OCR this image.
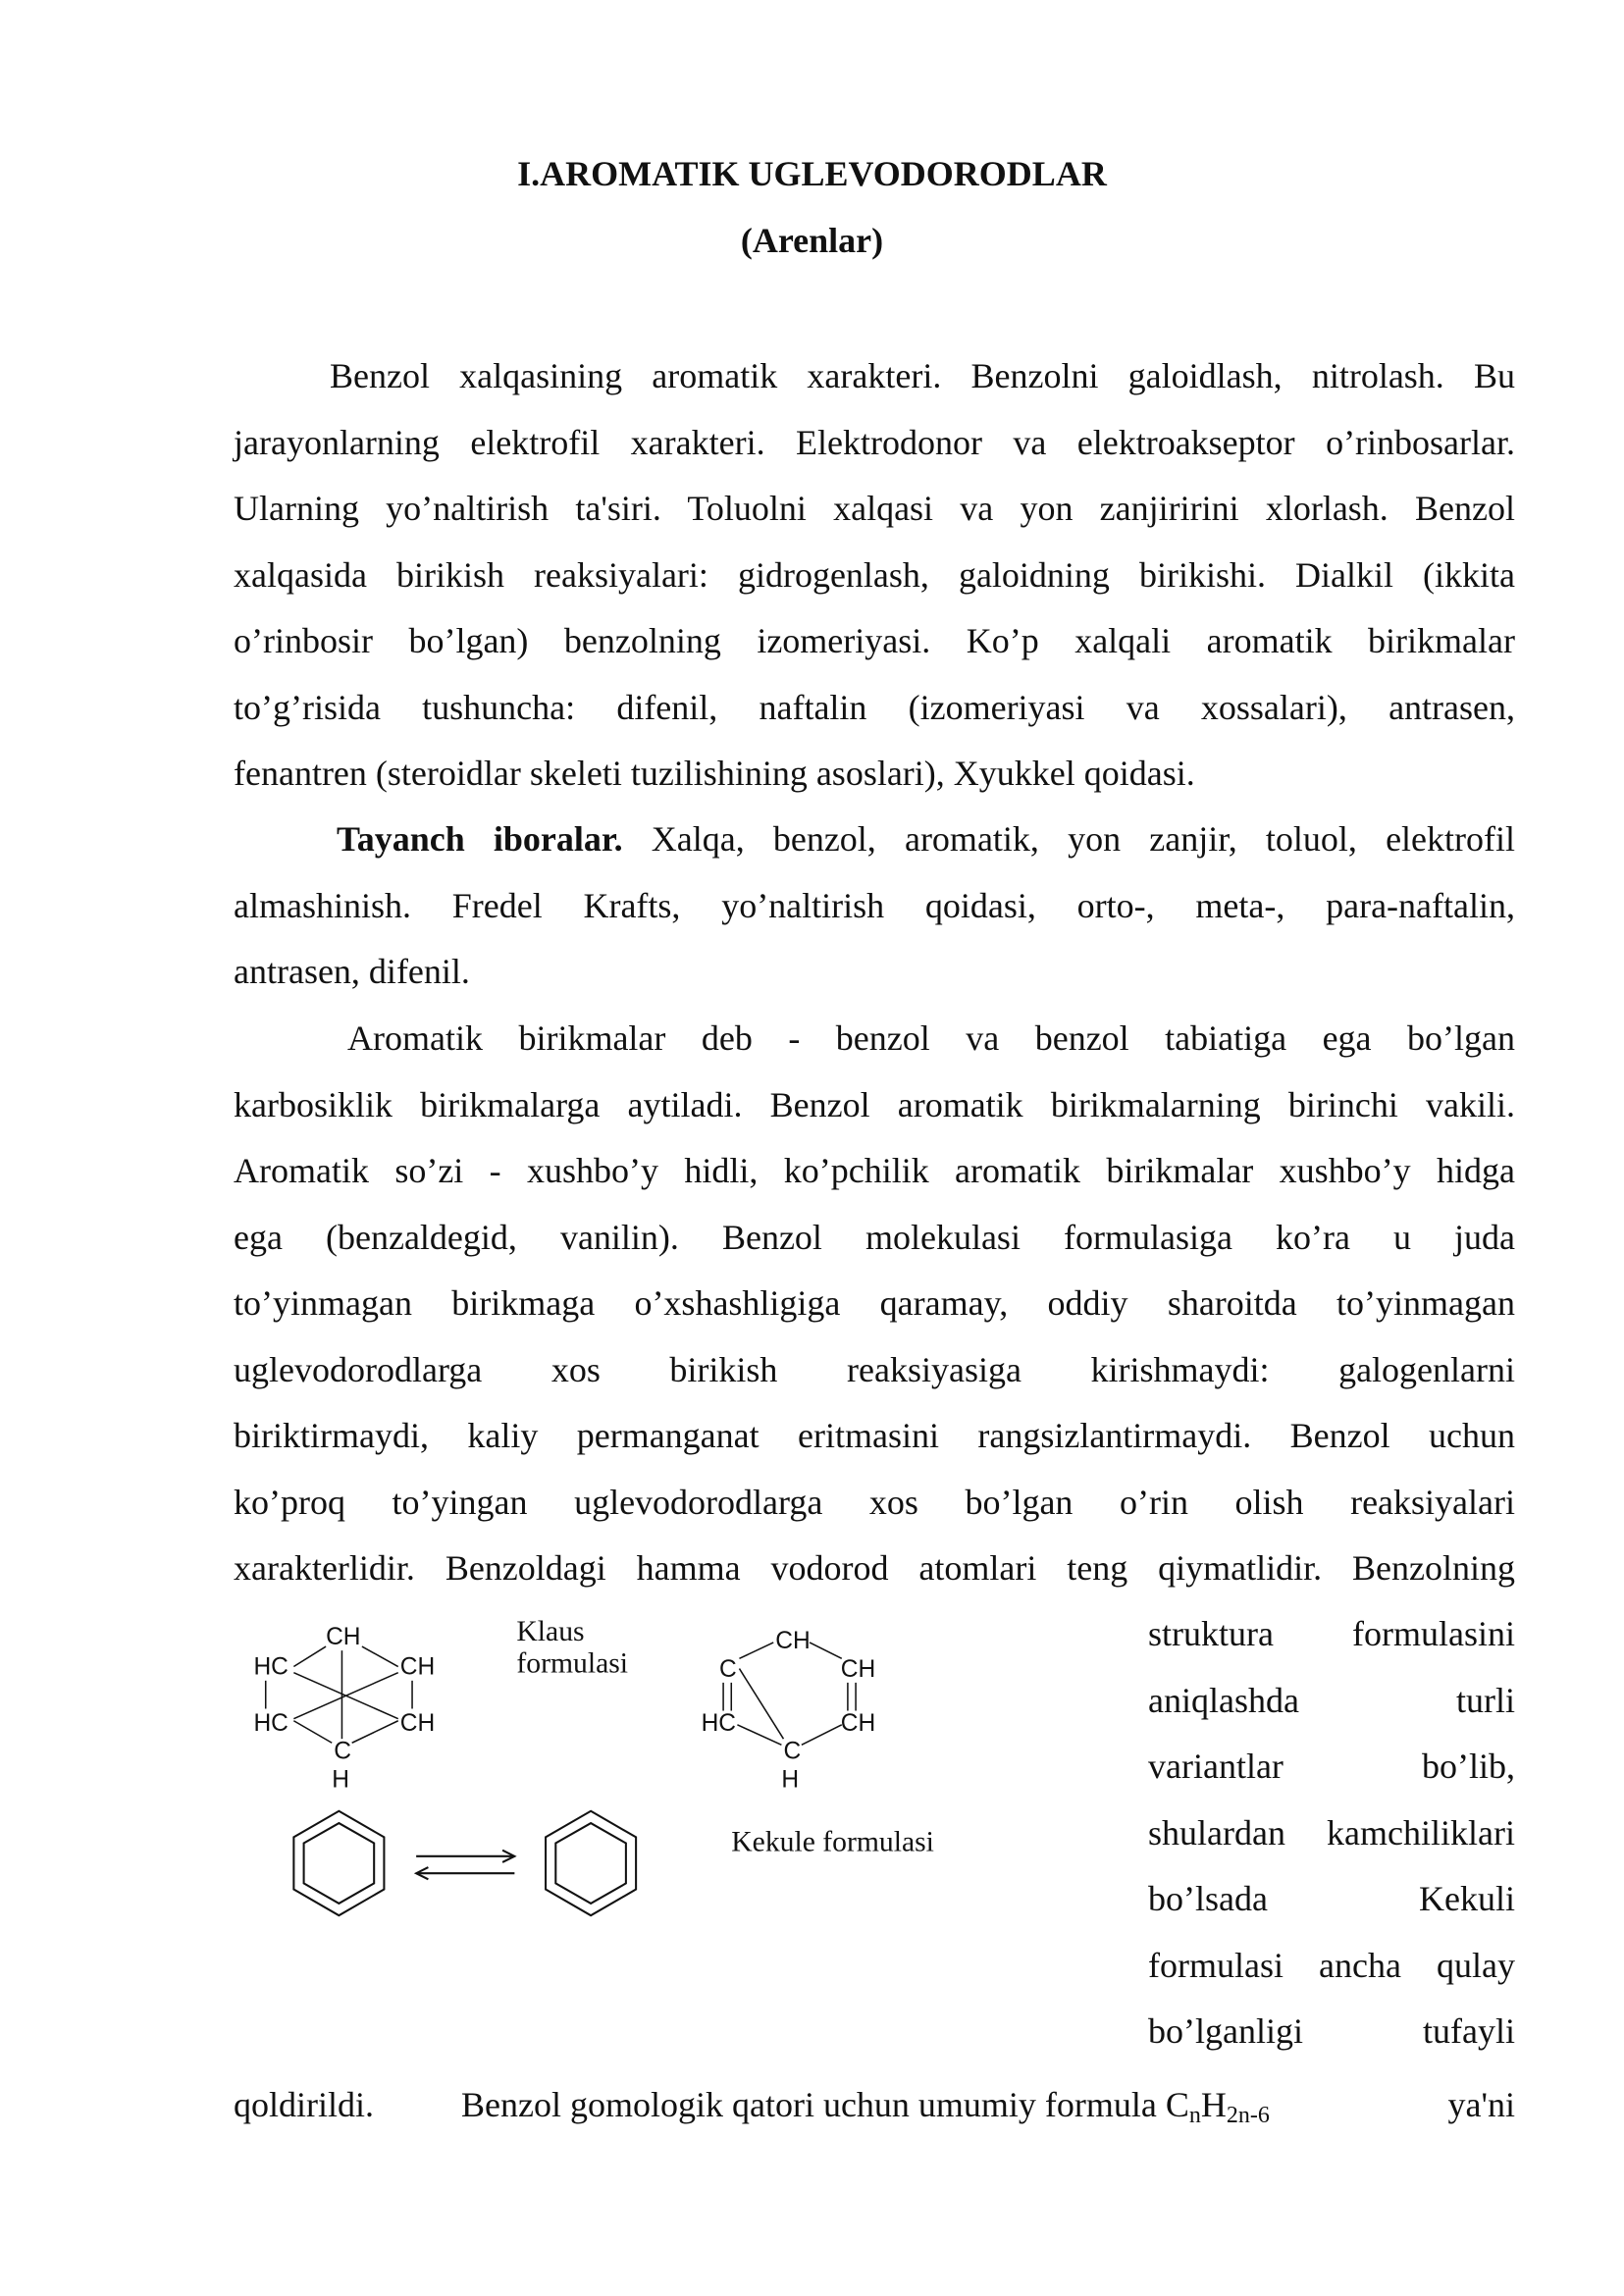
I.AROMATIK UGLEVODORODLAR
(Arenlar)
Benzol xalqasining aromatik xarakteri. Benzolni galoidlash, nitrolash. Bu
jarayonlarning elektrofil xarakteri. Elektrodonor va elektroakseptor o’rinbosarlar.
Ularning yo’naltirish ta'siri. Toluolni xalqasi va yon zanjiririni xlorlash. Benzol
xalqasida birikish reaksiyalari: gidrogenlash, galoidning birikishi. Dialkil (ikkita
o’rinbosir bo’lgan) benzolning izomeriyasi. Ko’p xalqali aromatik birikmalar
to’g’risida tushuncha: difenil, naftalin (izomeriyasi va xossalari), antrasen,
fenantren (steroidlar skeleti tuzilishining asoslari), Xyukkel qoidasi.
Tayanch iboralar. Xalqa, benzol, aromatik, yon zanjir, toluol, elektrofil
almashinish. Fredel Krafts, yo’naltirish qoidasi, orto-, meta-, para-naftalin,
antrasen, difenil.
Aromatik birikmalar deb - benzol va benzol tabiatiga ega bo’lgan
karbosiklik birikmalarga aytiladi. Benzol aromatik birikmalarning birinchi vakili.
Aromatik so’zi - xushbo’y hidli, ko’pchilik aromatik birikmalar xushbo’y hidga
ega (benzaldegid, vanilin). Benzol molekulasi formulasiga ko’ra u juda
to’yinmagan birikmaga o’xshashligiga qaramay, oddiy sharoitda to’yinmagan
uglevodorodlarga xos birikish reaksiyasiga kirishmaydi: galogenlarni
biriktirmaydi, kaliy permanganat eritmasini rangsizlantirmaydi. Benzol uchun
ko’proq to’yingan uglevodorodlarga xos bo’lgan o’rin olish reaksiyalari
xarakterlidir. Benzoldagi hamma vodorod atomlari teng qiymatlidir. Benzolning
struktura formulasini
aniqlashda turli
variantlar bo’lib,
shulardan kamchiliklari
bo’lsada Kekuli
formulasi ancha qulay
bo’lganligi tufayli
qoldirildi. Benzol gomologik qatori uchun umumiy formula $C_nH_{2n-6}$	ya'ni
CH
HC	CH
HC	CH
C
H
CH
C	CH
HC	CH
C
H
Klaus
formulasi
Kekule formulasi
